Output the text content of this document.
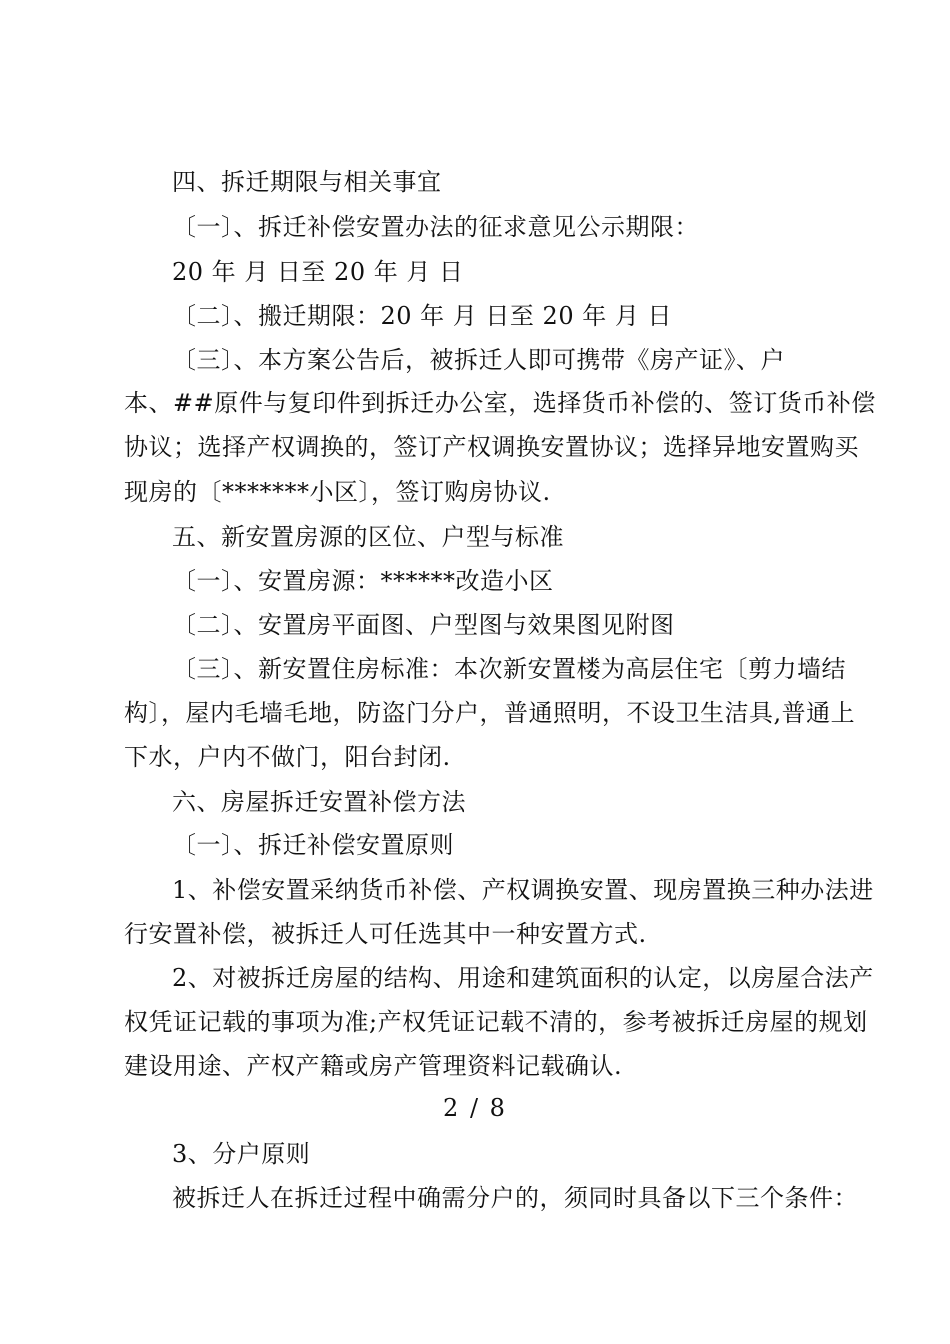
四、拆迁期限与相关事宜
〔一〕、拆迁补偿安置办法的征求意见公示期限：
20 年 月 日至 20 年 月 日
〔二〕、搬迁期限：20 年 月 日至 20 年 月 日
〔三〕、本方案公告后，被拆迁人即可携带《房产证》、户
本、##原件与复印件到拆迁办公室，选择货币补偿的、签订货币补偿
协议；选择产权调换的，签订产权调换安置协议；选择异地安置购买
现房的〔*******小区〕，签订购房协议.
五、新安置房源的区位、户型与标准
〔一〕、安置房源：******改造小区
〔二〕、安置房平面图、户型图与效果图见附图
〔三〕、新安置住房标准：本次新安置楼为高层住宅〔剪力墙结
构〕，屋内毛墙毛地，防盗门分户，普通照明，不设卫生洁具,普通上
下水，户内不做门，阳台封闭.
六、房屋拆迁安置补偿方法
〔一〕、拆迁补偿安置原则
1、补偿安置采纳货币补偿、产权调换安置、现房置换三种办法进
行安置补偿，被拆迁人可任选其中一种安置方式.
2、对被拆迁房屋的结构、用途和建筑面积的认定，以房屋合法产
权凭证记载的事项为准;产权凭证记载不清的，参考被拆迁房屋的规划
建设用途、产权产籍或房产管理资料记载确认.
2 / 8
3、分户原则
被拆迁人在拆迁过程中确需分户的，须同时具备以下三个条件：
